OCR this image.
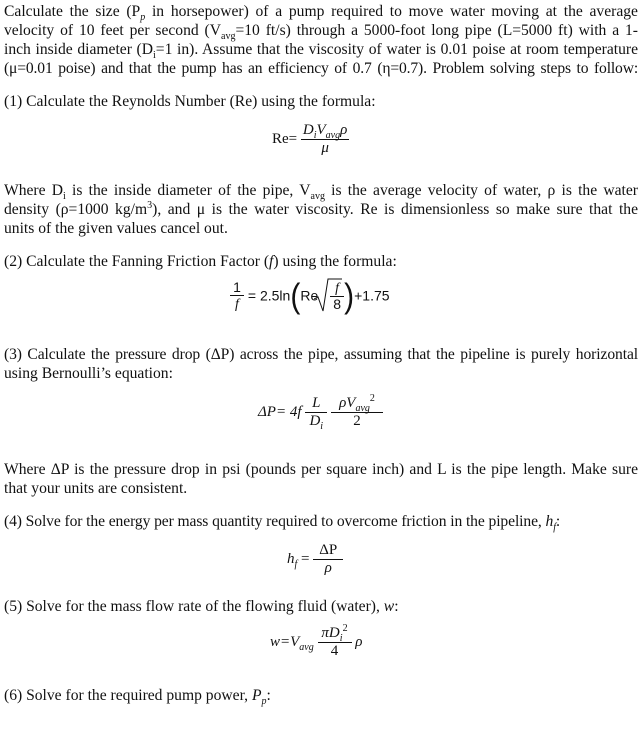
Calculate the size ($P_p$ in horsepower) of a pump required to move water moving at the average
velocity of 10 feet per second ($V_{avg}=10$ ft/s) through a 5000-foot long pipe (L=5000 ft) with a 1-
inch inside diameter ($D_i=1$ in). Assume that the viscosity of water is 0.01 poise at room temperature
(μ=0.01 poise) and that the pump has an efficiency of 0.7 (η=0.7). Problem solving steps to follow:

(1) Calculate the Reynolds Number (Re) using the formula:

$Re= \frac{D_iV_{avg}\rho}{\mu}$
Where $D_i$ is the inside diameter of the pipe, $V_{avg}$ is the average velocity of water, ρ is the water
density (ρ=1000 $kg/m^3$), and μ is the water viscosity. Re is dimensionless so make sure that the
units of the given values cancel out.

(2) Calculate the Fanning Friction Factor (f) using the formula:

$\frac{1}{f} = 2.5\ln(Re \frac{f}{8} )+1.75$
(3) Calculate the pressure drop (ΔP) across the pipe, assuming that the pipeline is purely horizontal
using Bernoulli’s equation:
$\Delta P= 4f \frac{L}{D_i}$
$\frac{\rho V_{avg}^2}{2}$
Where ΔP is the pressure drop in psi (pounds per square inch) and L is the pipe length. Make sure
that your units are consistent.

(4) Solve for the energy per mass quantity required to overcome friction in the pipeline, $h_f$:

$h_f = \frac{\Delta P}{\rho}$

(5) Solve for the mass flow rate of the flowing fluid (water), w:

$w=V_{avg} \frac{\pi D_i^2}{4}$ ρ

(6) Solve for the required pump power, $P_p$:
